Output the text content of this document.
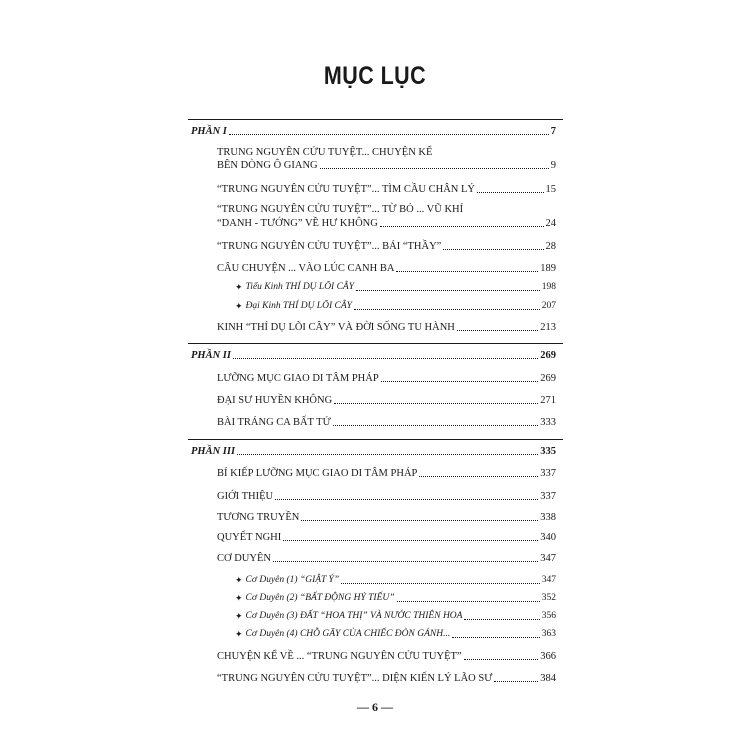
MỤC LỤC
PHẦN I	7
TRUNG NGUYÊN CỬU TUYỆT... CHUYỆN KỂ
BÊN DÒNG Ô GIANG	9
“TRUNG NGUYÊN CỬU TUYỆT”... TÌM CẦU CHÂN LÝ	15
“TRUNG NGUYÊN CỬU TUYỆT”... TỪ BỎ ... VŨ KHÍ
“DANH - TƯỚNG” VỀ HƯ KHÔNG	24
“TRUNG NGUYÊN CỬU TUYỆT”... BÁI “THẦY”	28
CÂU CHUYỆN ... VÀO LÚC CANH BA	189
✦ Tiểu Kinh THÍ DỤ LÕI CÂY	198
✦ Đại Kinh THÍ DỤ LÕI CÂY	207
KINH “THÍ DỤ LÕI CÂY” VÀ ĐỜI SỐNG TU HÀNH	213
PHẦN II	269
LƯỠNG MỤC GIAO DI TÂM PHÁP	269
ĐẠI SƯ HUYỀN KHÔNG	271
BÀI TRÁNG CA BẤT TỬ	333
PHẦN III	335
BÍ KIẾP LƯỠNG MỤC GIAO DI TÂM PHÁP	337
GIỚI THIỆU	337
TƯƠNG TRUYỀN	338
QUYẾT NGHI	340
CƠ DUYÊN	347
✦ Cơ Duyên (1) “GIẬT Ý”	347
✦ Cơ Duyên (2) “BẤT ĐỘNG HỶ TIẾU”	352
✦ Cơ Duyên (3) ĐẤT “HOA THỊ” VÀ NƯỚC THIÊN HOA	356
✦ Cơ Duyên (4) CHỖ GÃY CỦA CHIẾC ĐÒN GÁNH...	363
CHUYỆN KỂ VỀ ... “TRUNG NGUYÊN CỬU TUYỆT”	366
“TRUNG NGUYÊN CỬU TUYỆT”... DIỆN KIẾN LÝ LÃO SƯ	384
— 6 —
